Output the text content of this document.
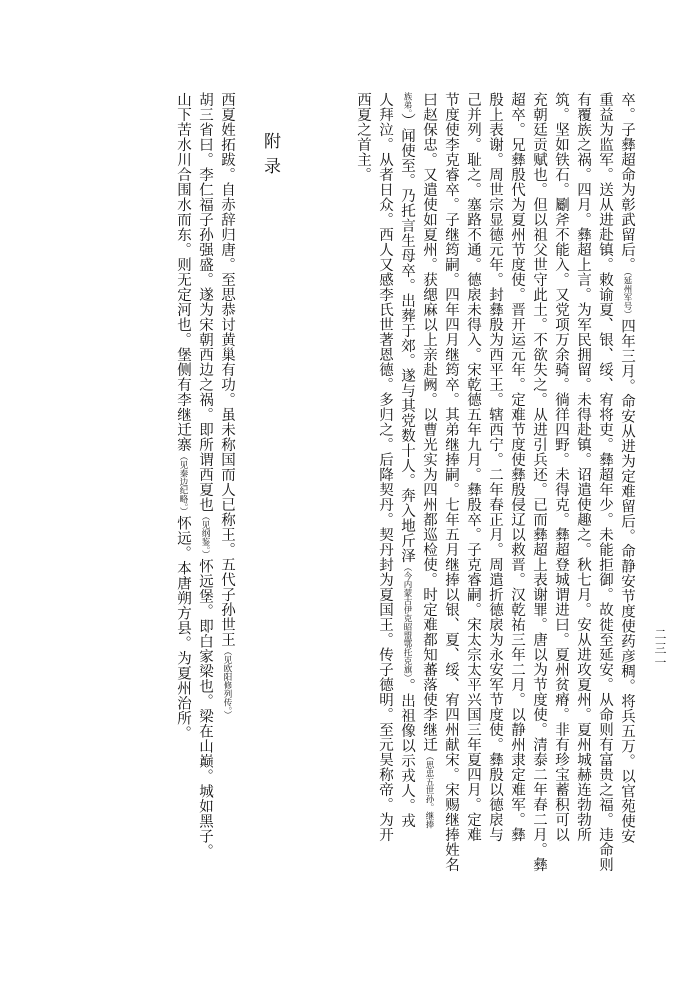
卒。子彝超命为彰武留后。（延州军号）四年三月。命安从进为定难留后。命静安节度使药彦稠。将兵五万。以官苑使安
重益为监军。送从进赴镇。敕谕夏、银、绥、宥将吏。彝超年少。未能拒御。故徙至延安。从命则有富贵之福。违命则
有覆族之祸。四月。彝超上言。为军民拥留。未得赴镇。诏遣使趣之。秋七月。安从进攻夏州。夏州城赫连勃勃所
筑。坚如铁石。劚斧不能入。又党项万余骑。徜徉四野。未得克。彝超登城谓进曰。夏州贫瘠。非有珍宝蓄积可以
充朝廷贡赋也。但以祖父世守此土。不欲失之。从进引兵还。已而彝超上表谢罪。唐以为节度使。清泰二年春二月。彝
超卒。兄彝殷代为夏州节度使。晋开运元年。定难节度使彝殷侵辽以救晋。汉乾祐三年二月。以静州隶定难军。彝
殷上表谢。周世宗显德元年。封彝殷为西平王。辖西宁。二年春正月。周遣折德扆为永安军节度使。彝殷以德扆与
己并列。耻之。塞路不通。德扆未得入。宋乾德五年九月。彝殷卒。子克睿嗣。宋太宗太平兴国三年夏四月。定难
节度使李克睿卒。子继筠嗣。四年四月继筠卒。其弟继捧嗣。七年五月继捧以银、夏、绥、宥四州献宋。宋赐继捧姓名
曰赵保忠。又遣使如夏州。获缌麻以上亲赴阙。以曹光实为四州都巡检使。时定难都知蕃落使李继迁（思忠五世孙。继捧
族弟。）闻使至。乃托言生母卒。出葬于郊。遂与其党数十人。奔入地斤泽（今内蒙古伊克昭盟鄂托克旗）。出祖像以示戎人。戎
人拜泣。从者日众。西人又感李氏世著恩德。多归之。后降契丹。契丹封为夏国王。传子德明。至元昊称帝。为开
西夏之首主。
附录
西夏姓拓跋。自赤辞归唐。至思恭讨黄巢有功。虽未称国而人已称王。五代子孙世王（见欧阳修列传。）
胡三省曰。李仁福子孙强盛。遂为宋朝西边之祸。即所谓西夏也（见纲鉴。）怀远堡。即白家梁也。梁在山巅。城如黑子。
山下苦水川合围水而东。则无定河也。堡侧有李继迁寨（见秦边纪略。）怀远。本唐朔方县。为夏州治所。	二三一
